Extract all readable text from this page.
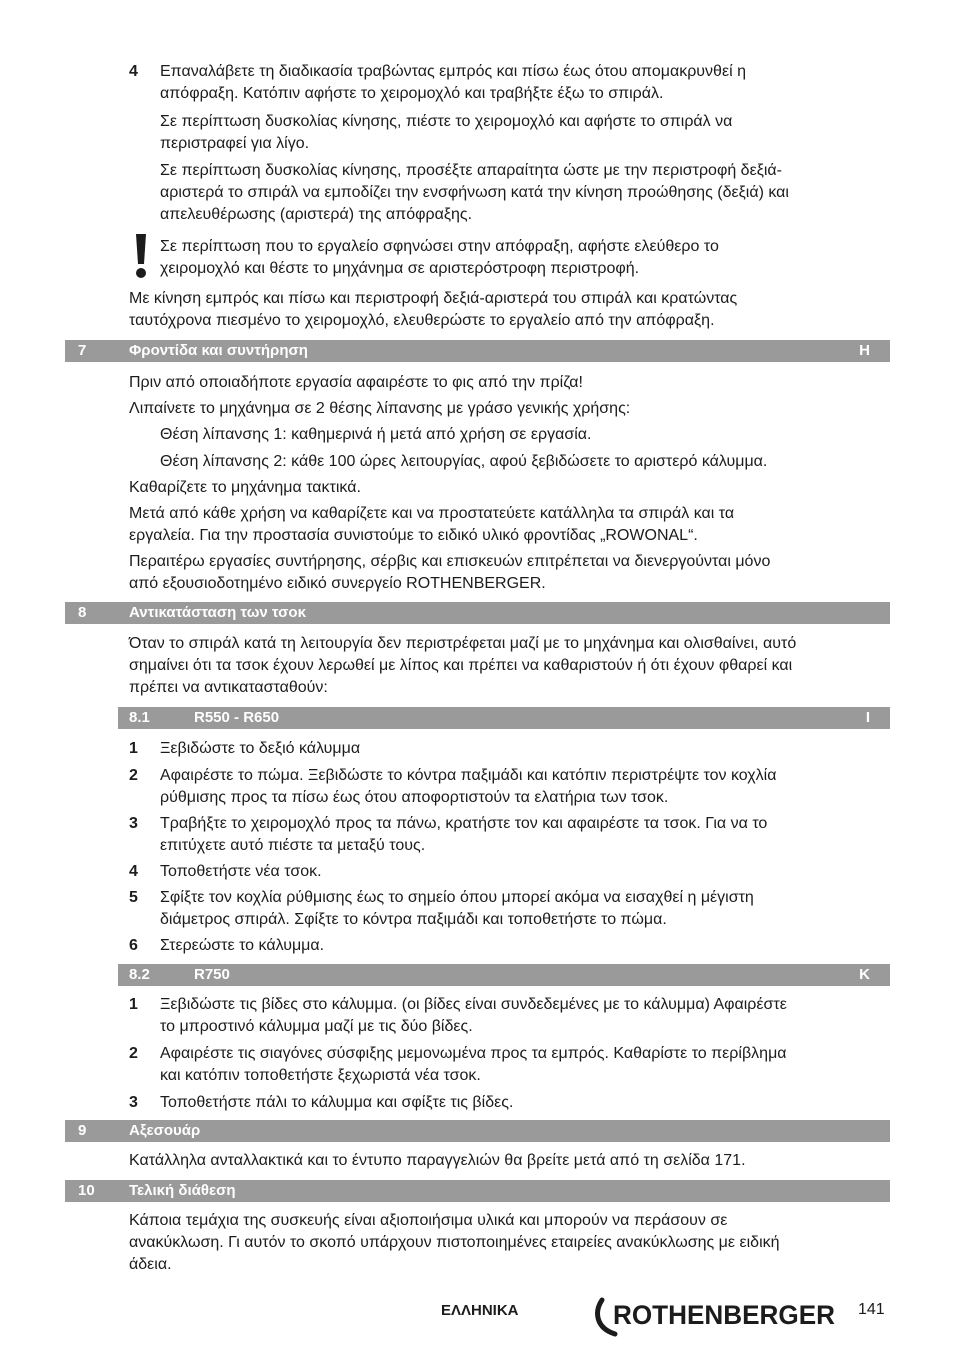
4 Επαναλάβετε τη διαδικασία τραβώντας εμπρός και πίσω έως ότου απομακρυνθεί η
απόφραξη. Κατόπιν αφήστε το χειρομοχλό και τραβήξτε έξω το σπιράλ.
Σε περίπτωση δυσκολίας κίνησης, πιέστε το χειρομοχλό και αφήστε το σπιράλ να
περιστραφεί για λίγο.
Σε περίπτωση δυσκολίας κίνησης, προσέξτε απαραίτητα ώστε με την περιστροφή δεξιά-
αριστερά το σπιράλ να εμποδίζει την ενσφήνωση κατά την κίνηση προώθησης (δεξιά) και
απελευθέρωσης (αριστερά) της απόφραξης.
Σε περίπτωση που το εργαλείο σφηνώσει στην απόφραξη, αφήστε ελεύθερο το
χειρομοχλό και θέστε το μηχάνημα σε αριστερόστροφη περιστροφή.
Με κίνηση εμπρός και πίσω και περιστροφή δεξιά-αριστερά του σπιράλ και κρατώντας
ταυτόχρονα πιεσμένο το χειρομοχλό, ελευθερώστε το εργαλείο από την απόφραξη.
7	Φροντίδα και συντήρηση	H
Πριν από οποιαδήποτε εργασία αφαιρέστε το φις από την πρίζα!
Λιπαίνετε το μηχάνημα σε 2 θέσης λίπανσης με γράσο γενικής χρήσης:
Θέση λίπανσης 1: καθημερινά ή μετά από χρήση σε εργασία.
Θέση λίπανσης 2: κάθε 100 ώρες λειτουργίας, αφού ξεβιδώσετε το αριστερό κάλυμμα.
Καθαρίζετε το μηχάνημα τακτικά.
Μετά από κάθε χρήση να καθαρίζετε και να προστατεύετε κατάλληλα τα σπιράλ και τα
εργαλεία. Για την προστασία συνιστούμε το ειδικό υλικό φροντίδας „ROWONAL“.
Περαιτέρω εργασίες συντήρησης, σέρβις και επισκευών επιτρέπεται να διενεργούνται μόνο
από εξουσιοδοτημένο ειδικό συνεργείο ROTHENBERGER.
8	Αντικατάσταση των τσοκ
Όταν το σπιράλ κατά τη λειτουργία δεν περιστρέφεται μαζί με το μηχάνημα και ολισθαίνει, αυτό
σημαίνει ότι τα τσοκ έχουν λερωθεί με λίπος και πρέπει να καθαριστούν ή ότι έχουν φθαρεί και
πρέπει να αντικατασταθούν:
8.1	R550 - R650	I
1 Ξεβιδώστε το δεξιό κάλυμμα
2 Αφαιρέστε το πώμα. Ξεβιδώστε το κόντρα παξιμάδι και κατόπιν περιστρέψτε τον κοχλία
ρύθμισης προς τα πίσω έως ότου αποφορτιστούν τα ελατήρια των τσοκ.
3 Τραβήξτε το χειρομοχλό προς τα πάνω, κρατήστε τον και αφαιρέστε τα τσοκ. Για να το
επιτύχετε αυτό πιέστε τα μεταξύ τους.
4 Τοποθετήστε νέα τσοκ.
5 Σφίξτε τον κοχλία ρύθμισης έως το σημείο όπου μπορεί ακόμα να εισαχθεί η μέγιστη
διάμετρος σπιράλ. Σφίξτε το κόντρα παξιμάδι και τοποθετήστε το πώμα.
6 Στερεώστε το κάλυμμα.
8.2	R750	K
1 Ξεβιδώστε τις βίδες στο κάλυμμα. (οι βίδες είναι συνδεδεμένες με το κάλυμμα) Αφαιρέστε
το μπροστινό κάλυμμα μαζί με τις δύο βίδες.
2 Αφαιρέστε τις σιαγόνες σύσφιξης μεμονωμένα προς τα εμπρός. Καθαρίστε το περίβλημα
και κατόπιν τοποθετήστε ξεχωριστά νέα τσοκ.
3 Τοποθετήστε πάλι το κάλυμμα και σφίξτε τις βίδες.
9	Αξεσουάρ
Κατάλληλα ανταλλακτικά και το έντυπο παραγγελιών θα βρείτε μετά από τη σελίδα 171.
10 Τελική διάθεση
Κάποια τεμάχια της συσκευής είναι αξιοποιήσιμα υλικά και μπορούν να περάσουν σε
ανακύκλωση. Γι αυτόν το σκοπό υπάρχουν πιστοποιημένες εταιρείες ανακύκλωσης με ειδική
άδεια.
ΕΛΛΗΝΙΚΑ	ROTHENBERGER 141
